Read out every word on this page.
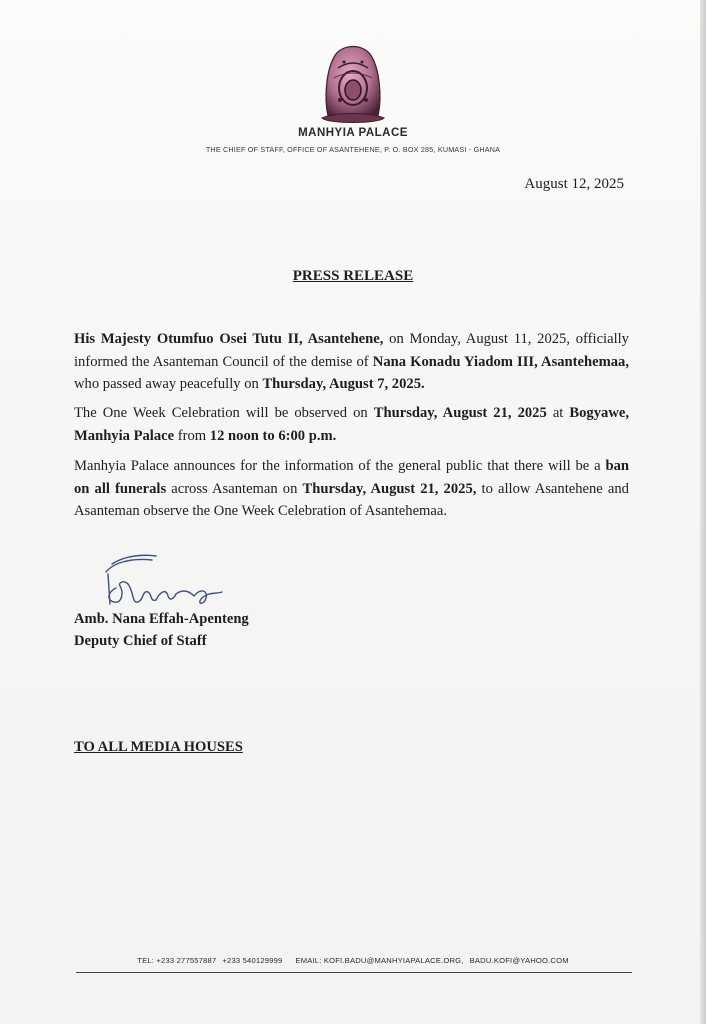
MANHYIA PALACE
THE CHIEF OF STAFF, OFFICE OF ASANTEHENE, P. O. BOX 285, KUMASI - GHANA
August 12, 2025
PRESS RELEASE
His Majesty Otumfuo Osei Tutu II, Asantehene, on Monday, August 11, 2025, officially informed the Asanteman Council of the demise of Nana Konadu Yiadom III, Asantehemaa, who passed away peacefully on Thursday, August 7, 2025.
The One Week Celebration will be observed on Thursday, August 21, 2025 at Bogyawe, Manhyia Palace from 12 noon to 6:00 p.m.
Manhyia Palace announces for the information of the general public that there will be a ban on all funerals across Asanteman on Thursday, August 21, 2025, to allow Asantehene and Asanteman observe the One Week Celebration of Asantehemaa.
Amb. Nana Effah-Apenteng
Deputy Chief of Staff
TO ALL MEDIA HOUSES
TEL: +233 277557887 +233 540129999 EMAIL: KOFI.BADU@MANHYIAPALACE.ORG, BADU.KOFI@YAHOO.COM
